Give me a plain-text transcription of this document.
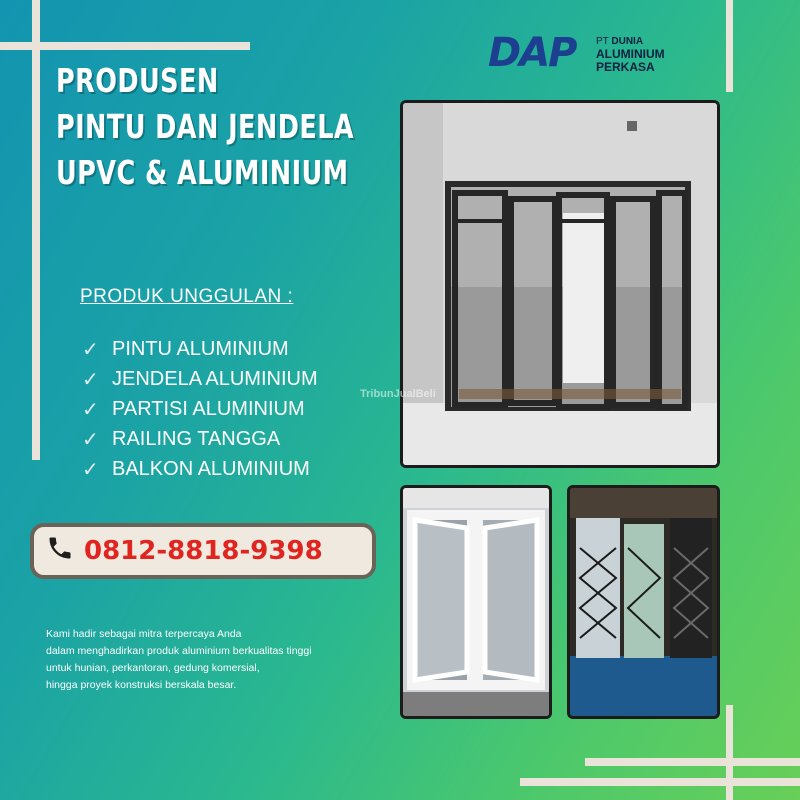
DAP PT DUNIA
ALUMINIUM
PERKASA
PRODUSEN
PINTU DAN JENDELA
UPVC & ALUMINIUM
PRODUK UNGGULAN :
✓ PINTU ALUMINIUM
✓ JENDELA ALUMINIUM
✓ PARTISI ALUMINIUM
✓ RAILING TANGGA
✓ BALKON ALUMINIUM
0812-8818-9398
Kami hadir sebagai mitra terpercaya Anda
dalam menghadirkan produk aluminium berkualitas tinggi
untuk hunian, perkantoran, gedung komersial,
hingga proyek konstruksi berskala besar.
TribunJualBeli
